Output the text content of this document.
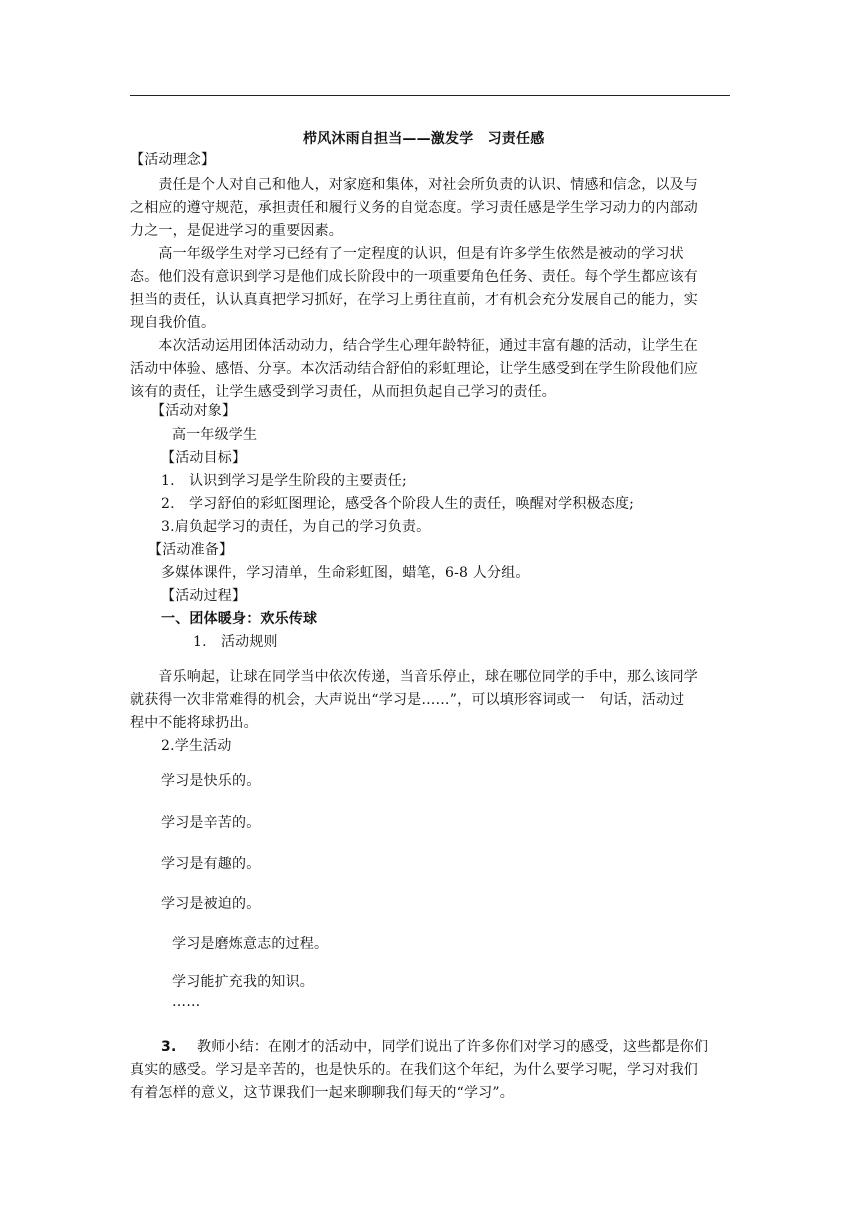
栉风沐雨自担当——激发学　习责任感
【活动理念】
　　责任是个人对自己和他人，对家庭和集体，对社会所负责的认识、情感和信念，以及与
之相应的遵守规范，承担责任和履行义务的自觉态度。学习责任感是学生学习动力的内部动
力之一，是促进学习的重要因素。
　　高一年级学生对学习已经有了一定程度的认识，但是有许多学生依然是被动的学习状
态。他们没有意识到学习是他们成长阶段中的一项重要角色任务、责任。每个学生都应该有
担当的责任，认认真真把学习抓好，在学习上勇往直前，才有机会充分发展自己的能力，实
现自我价值。
　　本次活动运用团体活动动力，结合学生心理年龄特征，通过丰富有趣的活动，让学生在
活动中体验、感悟、分享。本次活动结合舒伯的彩虹理论，让学生感受到在学生阶段他们应
该有的责任，让学生感受到学习责任，从而担负起自己学习的责任。
【活动对象】
高一年级学生
【活动目标】
1.　认识到学习是学生阶段的主要责任;
2.　学习舒伯的彩虹图理论，感受各个阶段人生的责任，唤醒对学积极态度;
3.肩负起学习的责任，为自己的学习负责。
【活动准备】
多媒体课件，学习清单，生命彩虹图，蜡笔，6-8 人分组。
【活动过程】
一、团体暖身：欢乐传球
1.　活动规则
　　音乐响起，让球在同学当中依次传递，当音乐停止，球在哪位同学的手中，那么该同学
就获得一次非常难得的机会，大声说出“学习是……”，可以填形容词或一　句话，活动过
程中不能将球扔出。
2.学生活动
学习是快乐的。
学习是辛苦的。
学习是有趣的。
学习是被迫的。
学习是磨炼意志的过程。
学习能扩充我的知识。
……
3. 教师小结：在刚才的活动中，同学们说出了许多你们对学习的感受，这些都是你们
真实的感受。学习是辛苦的，也是快乐的。在我们这个年纪，为什么要学习呢，学习对我们
有着怎样的意义，这节课我们一起来聊聊我们每天的“学习”。
